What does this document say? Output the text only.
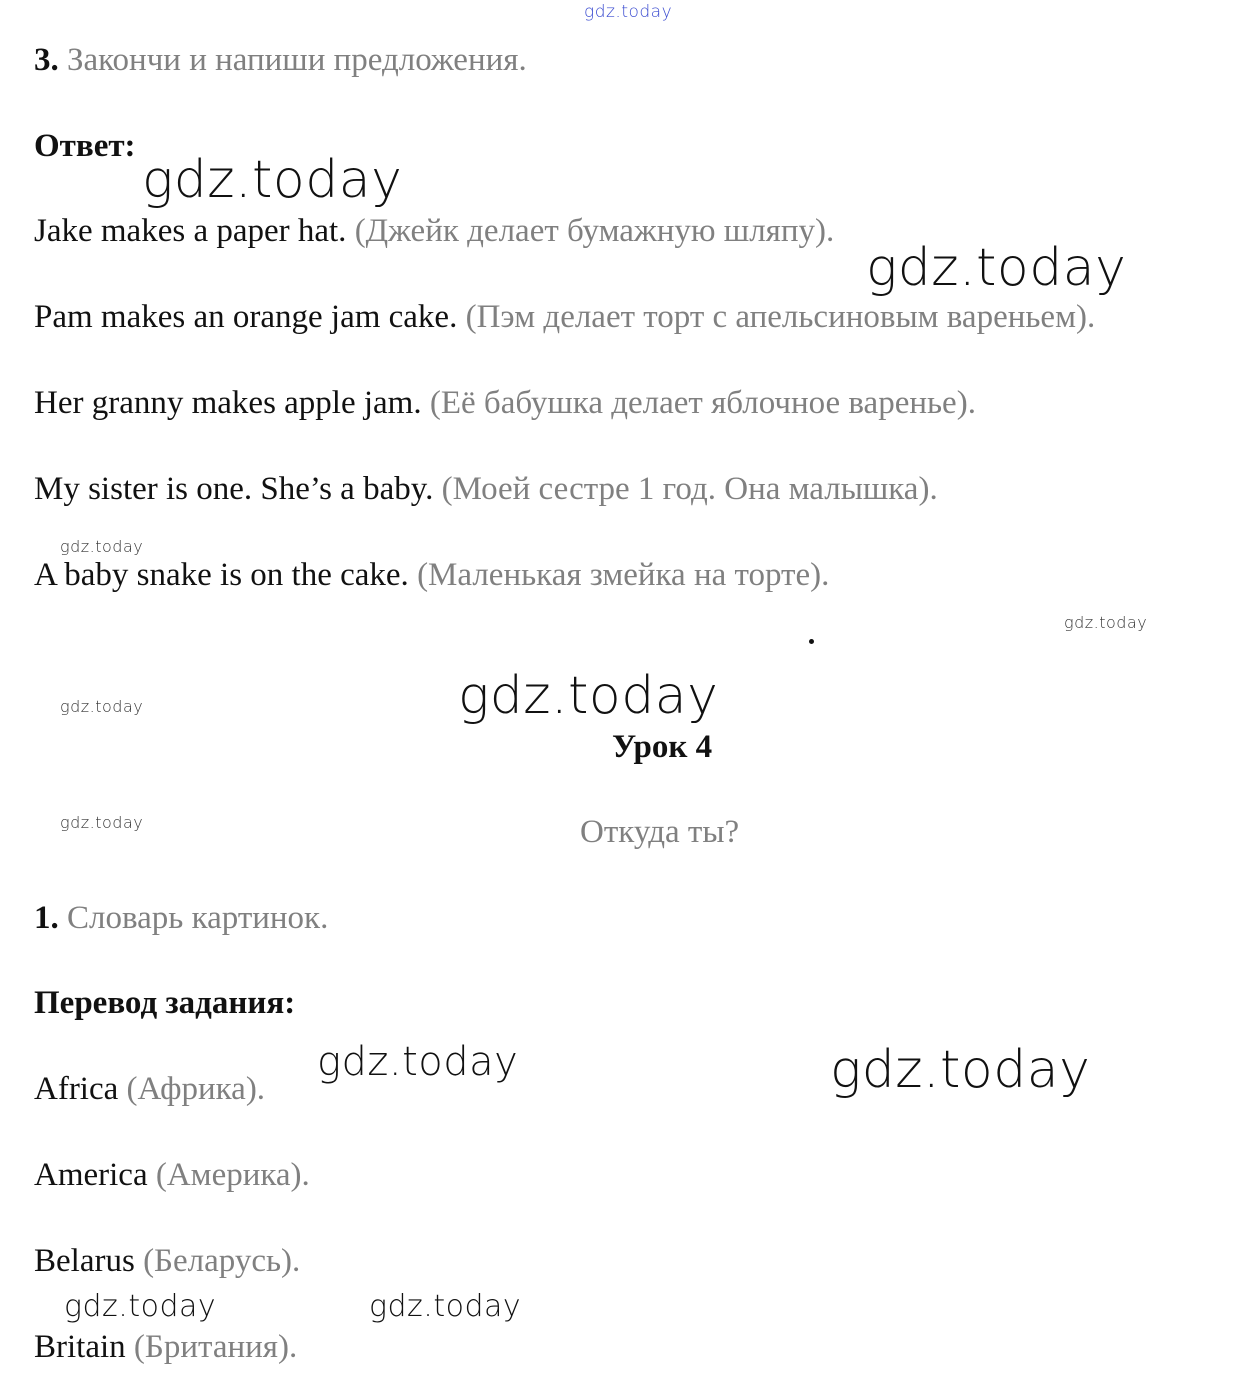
gdz.today

3. Закончи и напиши предложения.

Ответ:

gdz.today

Jake makes a paper hat. (Джейк делает бумажную шляпу).

gdz.today

Pam makes an orange jam cake. (Пэм делает торт с апельсиновым вареньем).

Her granny makes apple jam. (Её бабушка делает яблочное варенье).

My sister is one. She’s a baby. (Моей сестре 1 год. Она малышка).

gdz.today

A baby snake is on the cake. (Маленькая змейка на торте).

gdz.today
gdz.today
gdz.today
Урок 4
gdz.today	Откуда ты?

1. Словарь картинок.

Перевод задания:

gdz.today	gdz.today

Africa (Африка).

America (Америка).

Belarus (Беларусь).

gdz.today	gdz.today

Britain (Британия).
